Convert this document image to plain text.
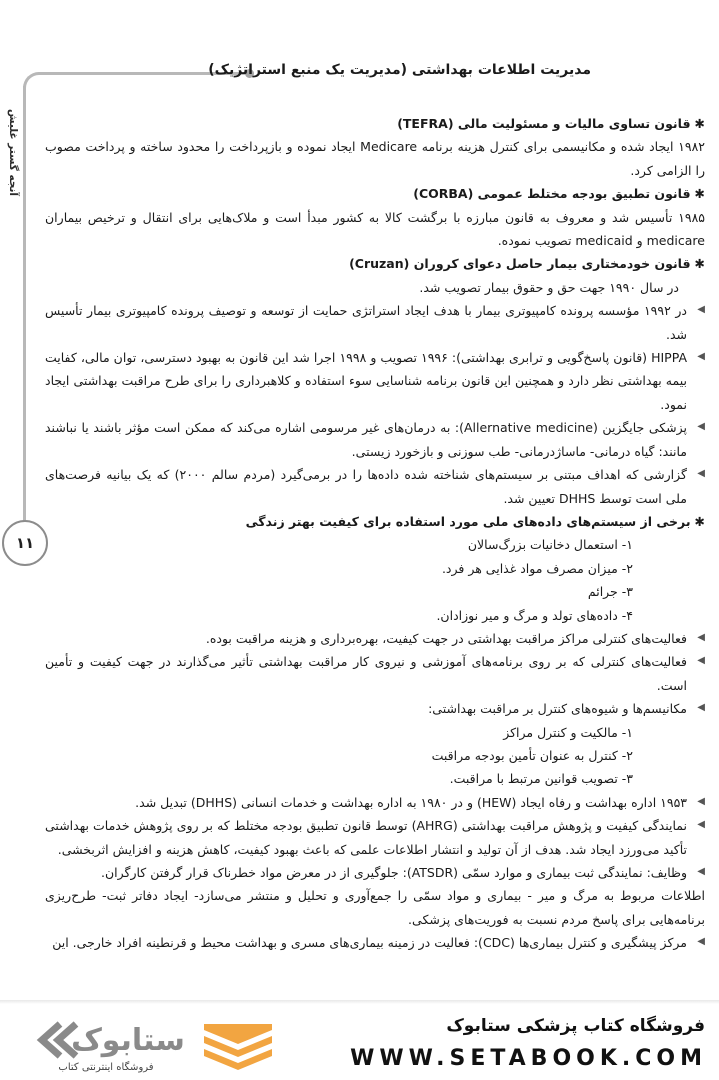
آنجه گستر غلیش
۱۱
مدیریت اطلاعات بهداشتی (مدیریت یک منبع استراتژیک)

✱قانون تساوی مالیات و مسئولیت مالی (TEFRA)

۱۹۸۲ ایجاد شده و مکانیسمی برای کنترل هزینه برنامه Medicare ایجاد نموده و بازپرداخت را محدود ساخته و پرداخت مصوب را الزامی کرد.

✱قانون تطبیق بودجه مختلط عمومی (CORBA)

۱۹۸۵ تأسیس شد و معروف به قانون مبارزه با برگشت کالا به کشور مبدأ است و ملاک‌هایی برای انتقال و ترخیص بیماران medicare و medicaid تصویب نموده.

✱قانون خودمختاری بیمار حاصل دعوای کروران (Cruzan)

در سال ۱۹۹۰ جهت حق و حقوق بیمار تصویب شد.

◀
در ۱۹۹۲ مؤسسه پرونده کامپیوتری بیمار با هدف ایجاد استراتژی حمایت از توسعه و توصیف پرونده کامپیوتری بیمار تأسیس شد.

◀
HIPPA (قانون پاسخ‌گویی و ترابری بهداشتی): ۱۹۹۶ تصویب و ۱۹۹۸ اجرا شد این قانون به بهبود دسترسی، توان مالی، کفایت بیمه بهداشتی نظر دارد و همچنین این قانون برنامه شناسایی سوء استفاده و کلاهبرداری را برای طرح مراقبت بهداشتی ایجاد نمود.

◀
پزشکی جایگزین (Allernative medicine): به درمان‌های غیر مرسومی اشاره می‌کند که ممکن است مؤثر باشند یا نباشند مانند: گیاه درمانی- ماساژدرمانی- طب سوزنی و بازخورد زیستی.

◀
گزارشی که اهداف مبتنی بر سیستم‌های شناخته شده داده‌ها را در برمی‌گیرد (مردم سالم ۲۰۰۰) که یک بیانیه فرصت‌های ملی است توسط DHHS تعیین شد.

✱برخی از سیستم‌های داده‌های ملی مورد استفاده برای کیفیت بهتر زندگی

۱- استعمال دخانیات بزرگ‌سالان

۲- میزان مصرف مواد غذایی هر فرد.

۳- جرائم

۴- داده‌های تولد و مرگ و میر نوزادان.

◀
فعالیت‌های کنترلی مراکز مراقبت بهداشتی در جهت کیفیت، بهره‌برداری و هزینه مراقبت بوده.

◀
فعالیت‌های کنترلی که بر روی برنامه‌های آموزشی و نیروی کار مراقبت بهداشتی تأثیر می‌گذارند در جهت کیفیت و تأمین است.

◀
مکانیسم‌ها و شیوه‌های کنترل بر مراقبت بهداشتی:

۱- مالکیت و کنترل مراکز

۲- کنترل به عنوان تأمین بودجه مراقبت

۳- تصویب قوانین مرتبط با مراقبت.

◀
۱۹۵۳ اداره بهداشت و رفاه ایجاد (HEW) و در ۱۹۸۰ به اداره بهداشت و خدمات انسانی (DHHS) تبدیل شد.

◀
نمایندگی کیفیت و پژوهش مراقبت بهداشتی (AHRG) توسط قانون تطبیق بودجه مختلط که بر روی پژوهش خدمات بهداشتی تأکید می‌ورزد ایجاد شد. هدف از آن تولید و انتشار اطلاعات علمی که باعث بهبود کیفیت، کاهش هزینه و افزایش اثربخشی.

◀
وظایف: نمایندگی ثبت بیماری و موارد سمّی (ATSDR): جلوگیری از در معرض مواد خطرناک قرار گرفتن کارگران.

اطلاعات مربوط به مرگ و میر - بیماری و مواد سمّی را جمع‌آوری و تحلیل و منتشر می‌سازد- ایجاد دفاتر ثبت- طرح‌ریزی برنامه‌هایی برای پاسخ مردم نسبت به فوریت‌های پزشکی.

◀
مرکز پیشگیری و کنترل بیماری‌ها (CDC): فعالیت در زمینه بیماری‌های مسری و بهداشت محیط و قرنطینه افراد خارجی. این

فروشگاه کتاب پزشکی ستابوک
WWW.SETABOOK.COM
ستابوک
فروشگاه اینترنتی کتاب
